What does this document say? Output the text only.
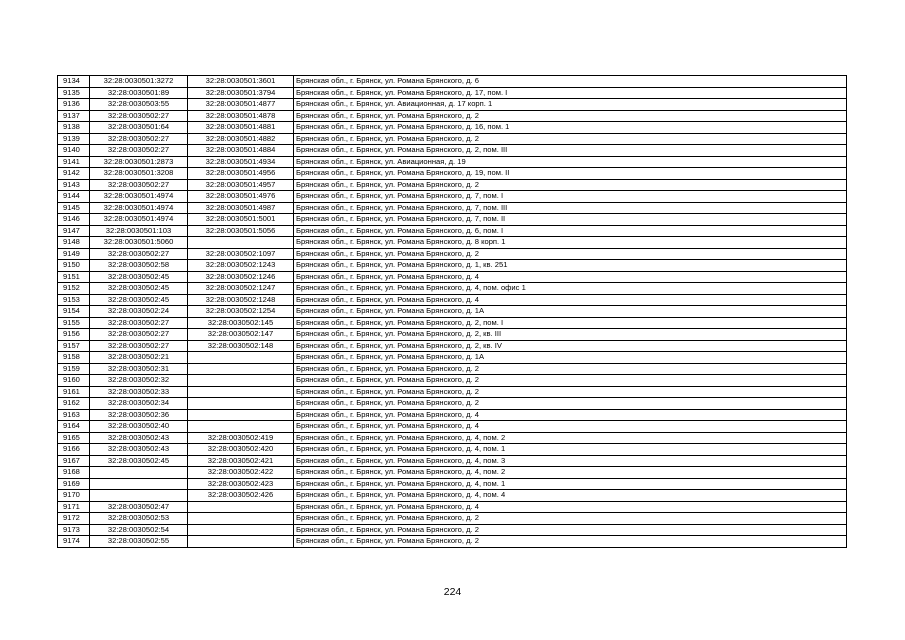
9134	32:28:0030501:3272	32:28:0030501:3601	Брянская обл., г. Брянск, ул. Романа Брянского, д. 6
9135	32:28:0030501:89	32:28:0030501:3794	Брянская обл., г. Брянск, ул. Романа Брянского, д. 17, пом. I
9136	32:28:0030503:55	32:28:0030501:4877	Брянская обл., г. Брянск, ул. Авиационная, д. 17 корп. 1
9137	32:28:0030502:27	32:28:0030501:4878	Брянская обл., г. Брянск, ул. Романа Брянского, д. 2
9138	32:28:0030501:64	32:28:0030501:4881	Брянская обл., г. Брянск, ул. Романа Брянского, д. 16, пом. 1
9139	32:28:0030502:27	32:28:0030501:4882	Брянская обл., г. Брянск, ул. Романа Брянского, д. 2
9140	32:28:0030502:27	32:28:0030501:4884	Брянская обл., г. Брянск, ул. Романа Брянского, д. 2, пом. III
9141	32:28:0030501:2873	32:28:0030501:4934	Брянская обл., г. Брянск, ул. Авиационная, д. 19
9142	32:28:0030501:3208	32:28:0030501:4956	Брянская обл., г. Брянск, ул. Романа Брянского, д. 19, пом. II
9143	32:28:0030502:27	32:28:0030501:4957	Брянская обл., г. Брянск, ул. Романа Брянского, д. 2
9144	32:28:0030501:4974	32:28:0030501:4976	Брянская обл., г. Брянск, ул. Романа Брянского, д. 7, пом. I
9145	32:28:0030501:4974	32:28:0030501:4987	Брянская обл., г. Брянск, ул. Романа Брянского, д. 7, пом. III
9146	32:28:0030501:4974	32:28:0030501:5001	Брянская обл., г. Брянск, ул. Романа Брянского, д. 7, пом. II
9147	32:28:0030501:103	32:28:0030501:5056	Брянская обл., г. Брянск, ул. Романа Брянского, д. 6, пом. I
9148	32:28:0030501:5060		Брянская обл., г. Брянск, ул. Романа Брянского, д. 8 корп. 1
9149	32:28:0030502:27	32:28:0030502:1097	Брянская обл., г. Брянск, ул. Романа Брянского, д. 2
9150	32:28:0030502:58	32:28:0030502:1243	Брянская обл., г. Брянск, ул. Романа Брянского, д. 1, кв. 251
9151	32:28:0030502:45	32:28:0030502:1246	Брянская обл., г. Брянск, ул. Романа Брянского, д. 4
9152	32:28:0030502:45	32:28:0030502:1247	Брянская обл., г. Брянск, ул. Романа Брянского, д. 4, пом. офис 1
9153	32:28:0030502:45	32:28:0030502:1248	Брянская обл., г. Брянск, ул. Романа Брянского, д. 4
9154	32:28:0030502:24	32:28:0030502:1254	Брянская обл., г. Брянск, ул. Романа Брянского, д. 1А
9155	32:28:0030502:27	32:28:0030502:145	Брянская обл., г. Брянск, ул. Романа Брянского, д. 2, пом. I
9156	32:28:0030502:27	32:28:0030502:147	Брянская обл., г. Брянск, ул. Романа Брянского, д. 2, кв. III
9157	32:28:0030502:27	32:28:0030502:148	Брянская обл., г. Брянск, ул. Романа Брянского, д. 2, кв. IV
9158	32:28:0030502:21		Брянская обл., г. Брянск, ул. Романа Брянского, д. 1А
9159	32:28:0030502:31		Брянская обл., г. Брянск, ул. Романа Брянского, д. 2
9160	32:28:0030502:32		Брянская обл., г. Брянск, ул. Романа Брянского, д. 2
9161	32:28:0030502:33		Брянская обл., г. Брянск, ул. Романа Брянского, д. 2
9162	32:28:0030502:34		Брянская обл., г. Брянск, ул. Романа Брянского, д. 2
9163	32:28:0030502:36		Брянская обл., г. Брянск, ул. Романа Брянского, д. 4
9164	32:28:0030502:40		Брянская обл., г. Брянск, ул. Романа Брянского, д. 4
9165	32:28:0030502:43	32:28:0030502:419	Брянская обл., г. Брянск, ул. Романа Брянского, д. 4, пом. 2
9166	32:28:0030502:43	32:28:0030502:420	Брянская обл., г. Брянск, ул. Романа Брянского, д. 4, пом. 1
9167	32:28:0030502:45	32:28:0030502:421	Брянская обл., г. Брянск, ул. Романа Брянского, д. 4, пом. 3
9168		32:28:0030502:422	Брянская обл., г. Брянск, ул. Романа Брянского, д. 4, пом. 2
9169		32:28:0030502:423	Брянская обл., г. Брянск, ул. Романа Брянского, д. 4, пом. 1
9170		32:28:0030502:426	Брянская обл., г. Брянск, ул. Романа Брянского, д. 4, пом. 4
9171	32:28:0030502:47		Брянская обл., г. Брянск, ул. Романа Брянского, д. 4
9172	32:28:0030502:53		Брянская обл., г. Брянск, ул. Романа Брянского, д. 2
9173	32:28:0030502:54		Брянская обл., г. Брянск, ул. Романа Брянского, д. 2
9174	32:28:0030502:55		Брянская обл., г. Брянск, ул. Романа Брянского, д. 2
224
